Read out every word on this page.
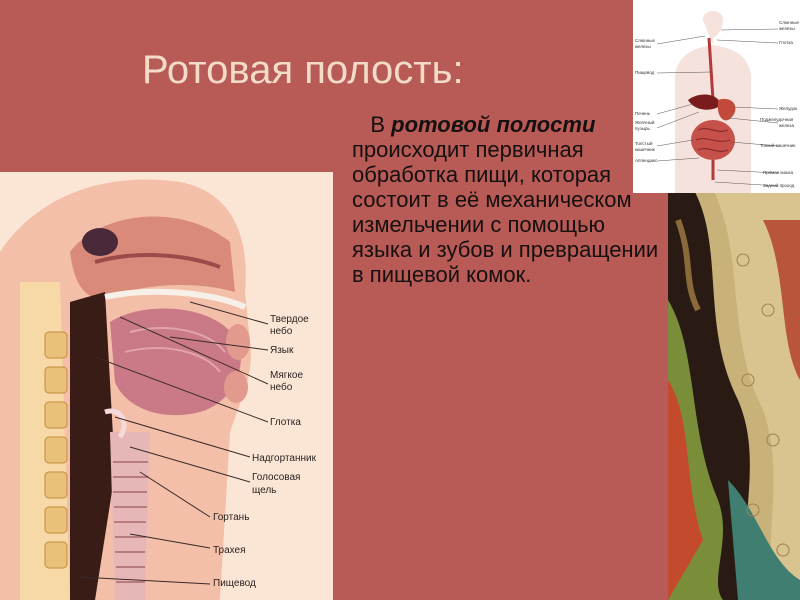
Ротовая полость:
В ротовой полости происходит первичная обработка пищи, которая состоит в её механическом измельчении с помощью языка и зубов и превращении в пищевой комок.
Твердое
небо
Язык
Мягкое
небо
Глотка
Надгортанник
Голосовая
щель
Гортань
Трахея
Пищевод
Слюнные
железы
Пищевод
Печень
Желчный
пузырь
Толстый
кишечник
Аппендикс
Слюнные
железы
Глотка
Желудок
Поджелудочная
железа
Тонкий кишечник
Прямая кишка
Задний проход
